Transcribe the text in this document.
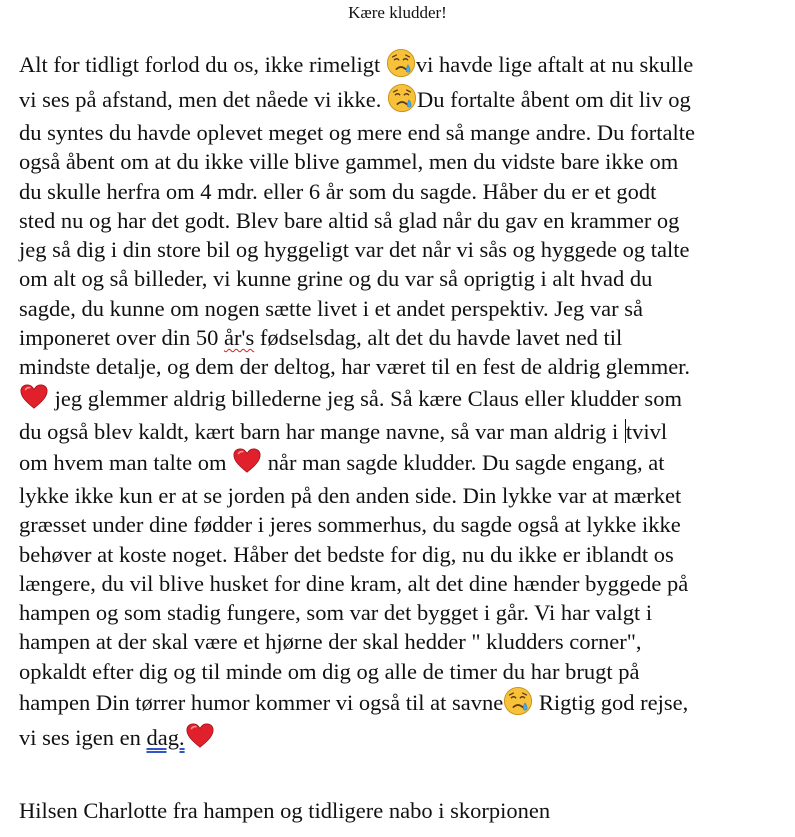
Kære kludder!
Alt for tidligt forlod du os, ikke rimeligt
vi havde lige aftalt at nu skulle
vi ses på afstand, men det nåede vi ikke.
Du fortalte åbent om dit liv og
du syntes du havde oplevet meget og mere end så mange andre. Du fortalte
også åbent om at du ikke ville blive gammel, men du vidste bare ikke om
du skulle herfra om 4 mdr. eller 6 år som du sagde. Håber du er et godt
sted nu og har det godt. Blev bare altid så glad når du gav en krammer og
jeg så dig i din store bil og hyggeligt var det når vi sås og hyggede og talte
om alt og så billeder, vi kunne grine og du var så oprigtig i alt hvad du
sagde, du kunne om nogen sætte livet i et andet perspektiv. Jeg var så
imponeret over din 50 år's fødselsdag, alt det du havde lavet ned til
mindste detalje, og dem der deltog, har været til en fest de aldrig glemmer.
jeg glemmer aldrig billederne jeg så. Så kære Claus eller kludder som
du også blev kaldt, kært barn har mange navne, så var man aldrig i tvivl
om hvem man talte om
når man sagde kludder. Du sagde engang, at
lykke ikke kun er at se jorden på den anden side. Din lykke var at mærket
græsset under dine fødder i jeres sommerhus, du sagde også at lykke ikke
behøver at koste noget. Håber det bedste for dig, nu du ikke er iblandt os
længere, du vil blive husket for dine kram, alt det dine hænder byggede på
hampen og som stadig fungere, som var det bygget i går. Vi har valgt i
hampen at der skal være et hjørne der skal hedder " kludders corner",
opkaldt efter dig og til minde om dig og alle de timer du har brugt på
hampen Din tørrer humor kommer vi også til at savne
Rigtig god rejse,
vi ses igen en dag.
Hilsen Charlotte fra hampen og tidligere nabo i skorpionen
